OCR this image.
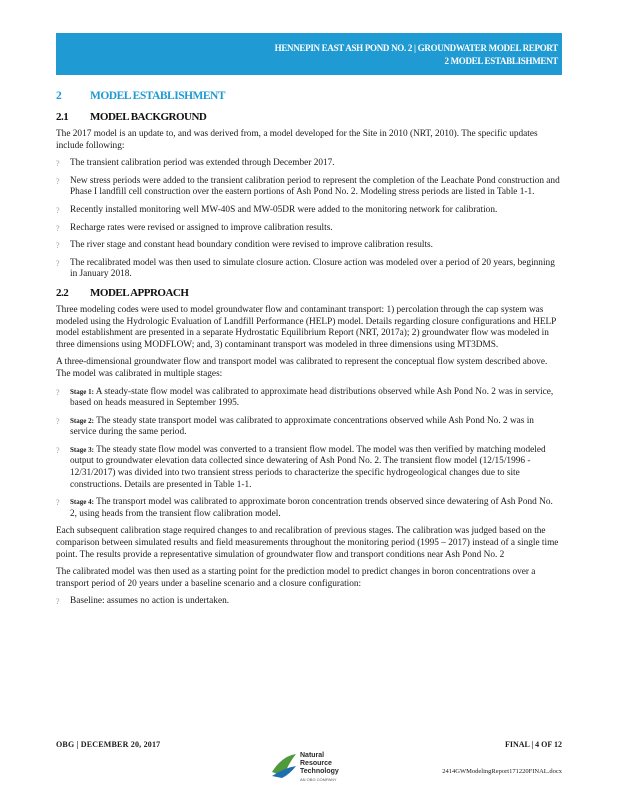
HENNEPIN EAST ASH POND NO. 2 | GROUNDWATER MODEL REPORT
2 MODEL ESTABLISHMENT
2	MODEL ESTABLISHMENT
2.1 MODEL BACKGROUND

The 2017 model is an update to, and was derived from, a model developed for the Site in 2010 (NRT, 2010). The specific updates include following:

? The transient calibration period was extended through December 2017.
? New stress periods were added to the transient calibration period to represent the completion of the Leachate Pond construction and Phase I landfill cell construction over the eastern portions of Ash Pond No. 2. Modeling stress periods are listed in Table 1-1.
? Recently installed monitoring well MW-40S and MW-05DR were added to the monitoring network for calibration.
? Recharge rates were revised or assigned to improve calibration results.
? The river stage and constant head boundary condition were revised to improve calibration results.
? The recalibrated model was then used to simulate closure action. Closure action was modeled over a period of 20 years, beginning in January 2018.
2.2 MODEL APPROACH

Three modeling codes were used to model groundwater flow and contaminant transport: 1) percolation through the cap system was modeled using the Hydrologic Evaluation of Landfill Performance (HELP) model. Details regarding closure configurations and HELP model establishment are presented in a separate Hydrostatic Equilibrium Report (NRT, 2017a); 2) groundwater flow was modeled in three dimensions using MODFLOW; and, 3) contaminant transport was modeled in three dimensions using MT3DMS.

A three-dimensional groundwater flow and transport model was calibrated to represent the conceptual flow system described above. The model was calibrated in multiple stages:

? Stage 1: A steady-state flow model was calibrated to approximate head distributions observed while Ash Pond No. 2 was in service, based on heads measured in September 1995.
? Stage 2: The steady state transport model was calibrated to approximate concentrations observed while Ash Pond No. 2 was in service during the same period.
? Stage 3: The steady state flow model was converted to a transient flow model. The model was then verified by matching modeled output to groundwater elevation data collected since dewatering of Ash Pond No. 2. The transient flow model (12/15/1996 - 12/31/2017) was divided into two transient stress periods to characterize the specific hydrogeological changes due to site constructions. Details are presented in Table 1-1.
? Stage 4: The transport model was calibrated to approximate boron concentration trends observed since dewatering of Ash Pond No. 2, using heads from the transient flow calibration model.

Each subsequent calibration stage required changes to and recalibration of previous stages. The calibration was judged based on the comparison between simulated results and field measurements throughout the monitoring period (1995 – 2017) instead of a single time point. The results provide a representative simulation of groundwater flow and transport conditions near Ash Pond No. 2

The calibrated model was then used as a starting point for the prediction model to predict changes in boron concentrations over a transport period of 20 years under a baseline scenario and a closure configuration:

? Baseline: assumes no action is undertaken.
OBG | DECEMBER 20, 2017	FINAL | 4 OF 12
2414GWModelingReport171220FINAL.docx
Natural
Resource
Technology
AN OBG COMPANY
